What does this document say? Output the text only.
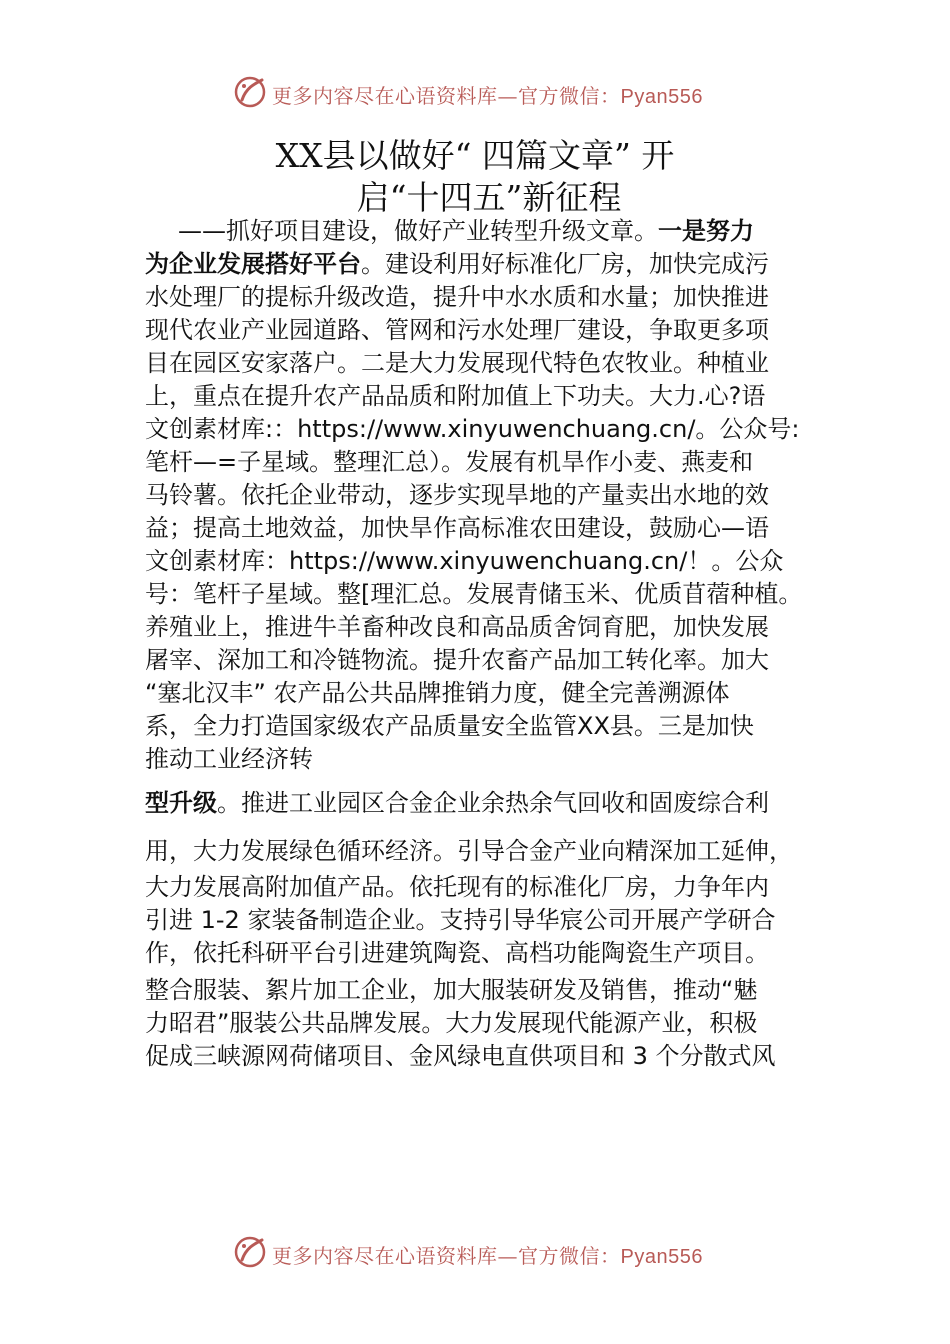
更多内容尽在心语资料库—官方微信：Pyan556
XX县以做好“ 四篇文章” 开
启“十四五”新征程
——抓好项目建设，做好产业转型升级文章。一是努力
为企业发展搭好平台。建设利用好标准化厂房，加快完成污
水处理厂的提标升级改造，提升中水水质和水量；加快推进
现代农业产业园道路、管网和污水处理厂建设，争取更多项
目在园区安家落户。二是大力发展现代特色农牧业。种植业
上，重点在提升农产品品质和附加值上下功夫。大力.心?语
文创素材库:：https://www.xinyuwenchuang.cn/。公众号:
笔杆—=子星域。整理汇总）。发展有机旱作小麦、燕麦和
马铃薯。依托企业带动，逐步实现旱地的产量卖出水地的效
益；提高土地效益，加快旱作高标准农田建设，鼓励心—语
文创素材库：https://www.xinyuwenchuang.cn/！。公众
号：笔杆子星域。整[理汇总。发展青储玉米、优质苜蓿种植。
养殖业上，推进牛羊畜种改良和高品质舍饲育肥，加快发展
屠宰、深加工和冷链物流。提升农畜产品加工转化率。加大
“塞北汉丰” 农产品公共品牌推销力度，健全完善溯源体
系，全力打造国家级农产品质量安全监管XX县。三是加快
推动工业经济转
型升级。推进工业园区合金企业余热余气回收和固废综合利
用，大力发展绿色循环经济。引导合金产业向精深加工延伸，
大力发展高附加值产品。依托现有的标准化厂房，力争年内
引进 1-2 家装备制造企业。支持引导华宸公司开展产学研合
作，依托科研平台引进建筑陶瓷、高档功能陶瓷生产项目。
整合服装、絮片加工企业，加大服装研发及销售，推动“魅
力昭君”服装公共品牌发展。大力发展现代能源产业，积极
促成三峡源网荷储项目、金风绿电直供项目和 3 个分散式风
更多内容尽在心语资料库—官方微信：Pyan556
